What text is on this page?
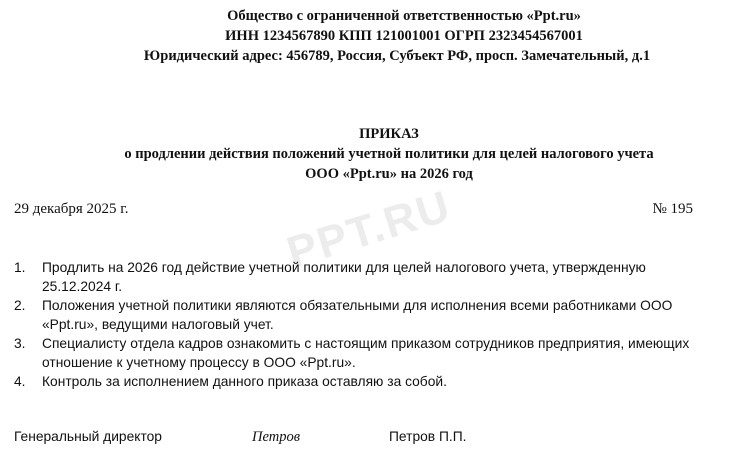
Общество с ограниченной ответственностью «Ppt.ru»
ИНН 1234567890 КПП 121001001 ОГРП 2323454567001
Юридический адрес: 456789, Россия, Субъект РФ, просп. Замечательный, д.1
ПРИКАЗ
о продлении действия положений учетной политики для целей налогового учета
ООО «Ppt.ru» на 2026 год
PPT.RU
29 декабря 2025 г.	№ 195
1.	Продлить на 2026 год действие учетной политики для целей налогового учета, утвержденную 25.12.2024 г.
2.	Положения учетной политики являются обязательными для исполнения всеми работниками ООО «Ppt.ru», ведущими налоговый учет.
3.	Специалисту отдела кадров ознакомить с настоящим приказом сотрудников предприятия, имеющих отношение к учетному процессу в ООО «Ppt.ru».
4.	Контроль за исполнением данного приказа оставляю за собой.
Генеральный директор	Петров	Петров П.П.
